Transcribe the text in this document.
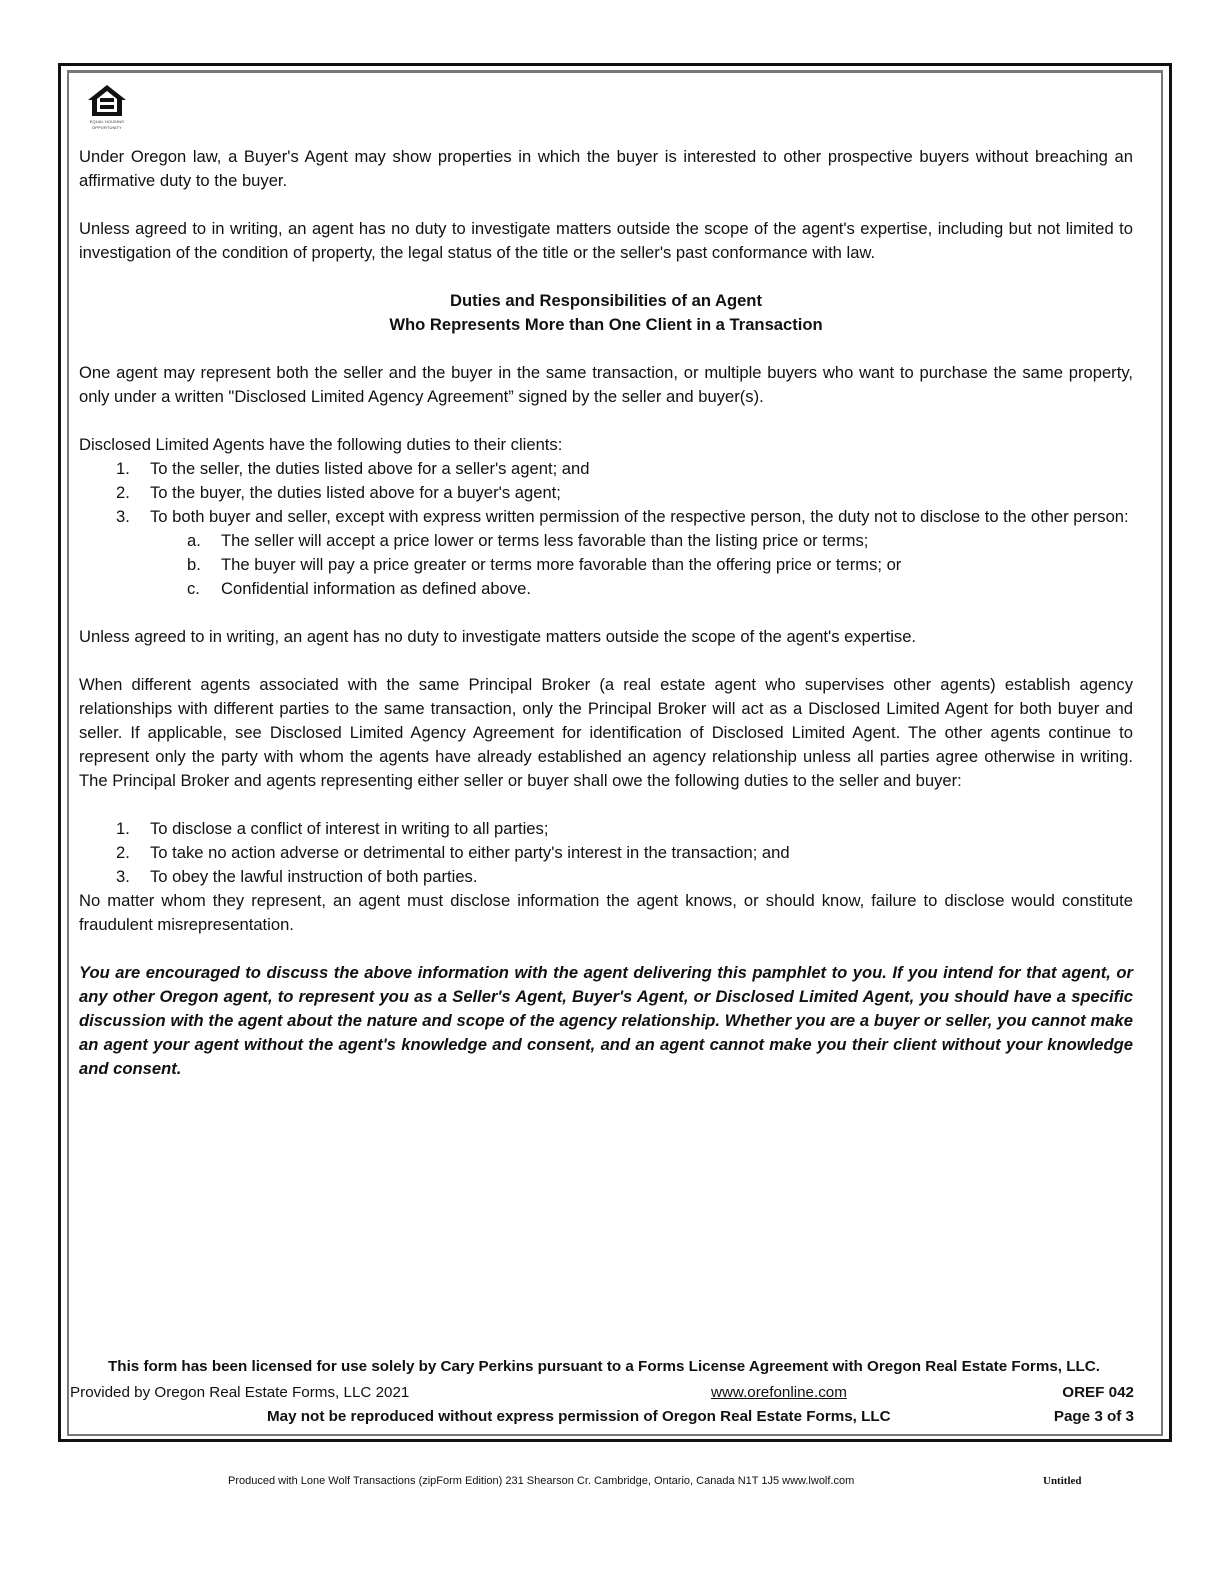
EQUAL HOUSING
OPPORTUNITY

Under Oregon law, a Buyer's Agent may show properties in which the buyer is interested to other prospective buyers without breaching an affirmative duty to the buyer.

Unless agreed to in writing, an agent has no duty to investigate matters outside the scope of the agent's expertise, including but not limited to investigation of the condition of property, the legal status of the title or the seller's past conformance with law.

Duties and Responsibilities of an Agent
Who Represents More than One Client in a Transaction

One agent may represent both the seller and the buyer in the same transaction, or multiple buyers who want to purchase the same property, only under a written "Disclosed Limited Agency Agreement” signed by the seller and buyer(s).

Disclosed Limited Agents have the following duties to their clients:
1.	To the seller, the duties listed above for a seller's agent; and
2.	To the buyer, the duties listed above for a buyer's agent;
3.	To both buyer and seller, except with express written permission of the respective person, the duty not to disclose to the other person:
a.	The seller will accept a price lower or terms less favorable than the listing price or terms;
b.	The buyer will pay a price greater or terms more favorable than the offering price or terms; or
c.	Confidential information as defined above.

Unless agreed to in writing, an agent has no duty to investigate matters outside the scope of the agent's expertise.

When different agents associated with the same Principal Broker (a real estate agent who supervises other agents) establish agency relationships with different parties to the same transaction, only the Principal Broker will act as a Disclosed Limited Agent for both buyer and seller. If applicable, see Disclosed Limited Agency Agreement for identification of Disclosed Limited Agent. The other agents continue to represent only the party with whom the agents have already established an agency relationship unless all parties agree otherwise in writing. The Principal Broker and agents representing either seller or buyer shall owe the following duties to the seller and buyer:

1.	To disclose a conflict of interest in writing to all parties;
2.	To take no action adverse or detrimental to either party's interest in the transaction; and
3.	To obey the lawful instruction of both parties.

No matter whom they represent, an agent must disclose information the agent knows, or should know, failure to disclose would constitute fraudulent misrepresentation.

You are encouraged to discuss the above information with the agent delivering this pamphlet to you. If you intend for that agent, or any other Oregon agent, to represent you as a Seller's Agent, Buyer's Agent, or Disclosed Limited Agent, you should have a specific discussion with the agent about the nature and scope of the agency relationship. Whether you are a buyer or seller, you cannot make an agent your agent without the agent's knowledge and consent, and an agent cannot make you their client without your knowledge and consent.

This form has been licensed for use solely by Cary Perkins pursuant to a Forms License Agreement with Oregon Real Estate Forms, LLC.
Provided by Oregon Real Estate Forms, LLC 2021	www.orefonline.com	OREF 042
May not be reproduced without express permission of Oregon Real Estate Forms, LLC	Page 3 of 3
Produced with Lone Wolf Transactions (zipForm Edition) 231 Shearson Cr. Cambridge, Ontario, Canada N1T 1J5 www.lwolf.com	Untitled
